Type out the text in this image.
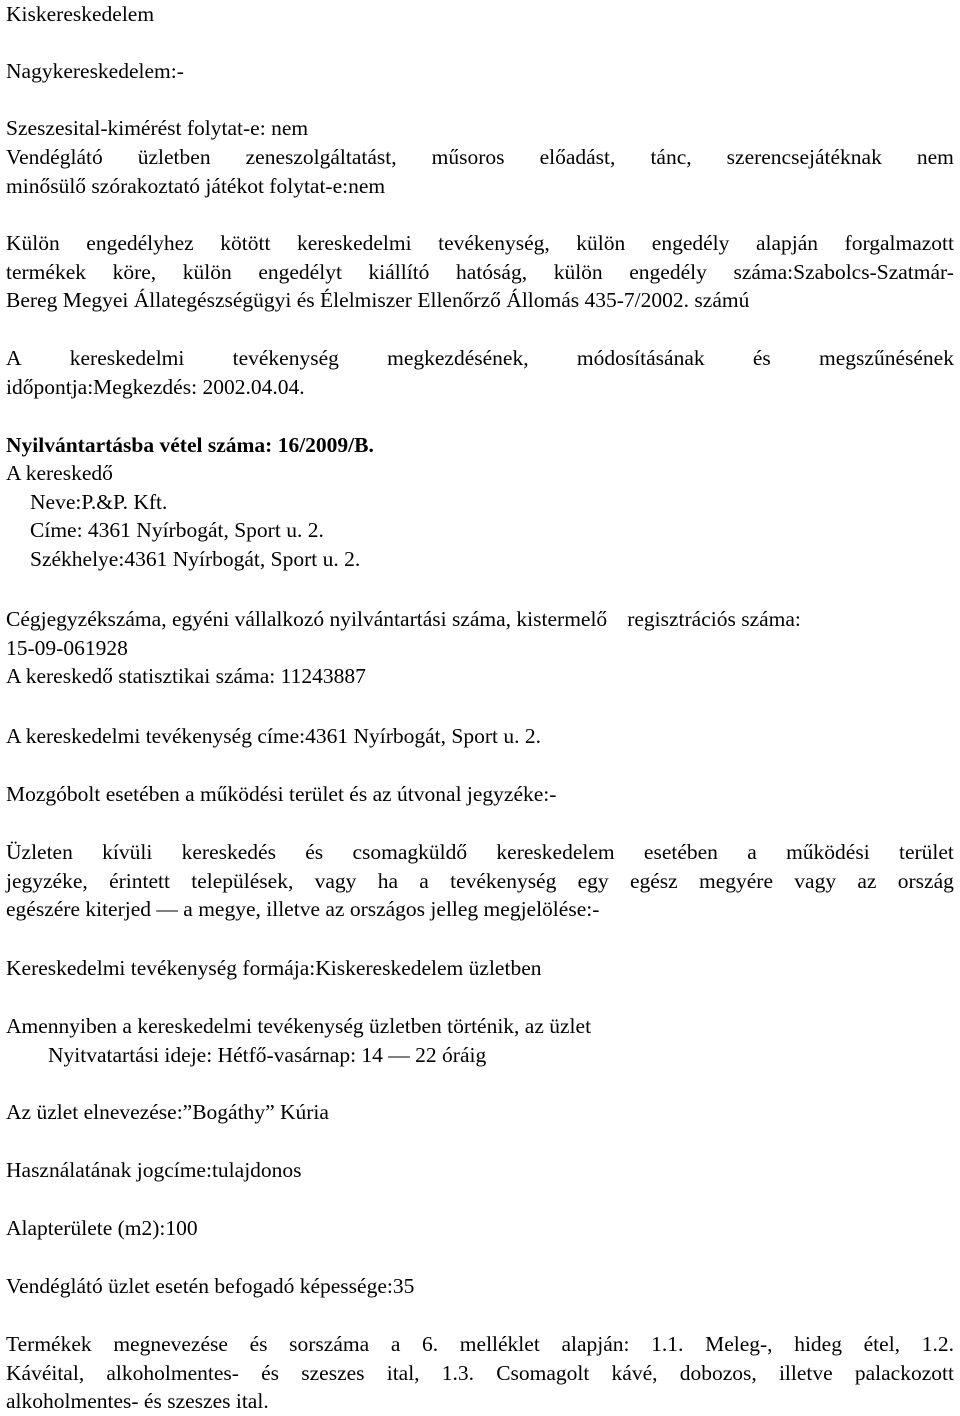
Kiskereskedelem
Nagykereskedelem:-
Szeszesital-kimérést folytat-e: nem
Vendéglátó üzletben zeneszolgáltatást, műsoros előadást, tánc, szerencsejátéknak nem
minősülő szórakoztató játékot folytat-e:nem
Külön engedélyhez kötött kereskedelmi tevékenység, külön engedély alapján forgalmazott
termékek köre, külön engedélyt kiállító hatóság, külön engedély száma:Szabolcs-Szatmár-
Bereg Megyei Állategészségügyi és Élelmiszer Ellenőrző Állomás 435-7/2002. számú
A kereskedelmi tevékenység megkezdésének, módosításának és megszűnésének
időpontja:Megkezdés: 2002.04.04.
Nyilvántartásba vétel száma: 16/2009/B.
A kereskedő
Neve:P.&P. Kft.
Címe: 4361 Nyírbogát, Sport u. 2.
Székhelye:4361 Nyírbogát, Sport u. 2.
Cégjegyzékszáma, egyéni vállalkozó nyilvántartási száma, kistermelő regisztrációs száma:
15-09-061928
A kereskedő statisztikai száma: 11243887
A kereskedelmi tevékenység címe:4361 Nyírbogát, Sport u. 2.
Mozgóbolt esetében a működési terület és az útvonal jegyzéke:-
Üzleten kívüli kereskedés és csomagküldő kereskedelem esetében a működési terület
jegyzéke, érintett települések, vagy ha a tevékenység egy egész megyére vagy az ország
egészére kiterjed — a megye, illetve az országos jelleg megjelölése:-
Kereskedelmi tevékenység formája:Kiskereskedelem üzletben
Amennyiben a kereskedelmi tevékenység üzletben történik, az üzlet
Nyitvatartási ideje: Hétfő-vasárnap: 14 — 22 óráig
Az üzlet elnevezése:”Bogáthy” Kúria
Használatának jogcíme:tulajdonos
Alapterülete (m2):100
Vendéglátó üzlet esetén befogadó képessége:35
Termékek megnevezése és sorszáma a 6. melléklet alapján: 1.1. Meleg-, hideg étel, 1.2.
Kávéital, alkoholmentes- és szeszes ital, 1.3. Csomagolt kávé, dobozos, illetve palackozott
alkoholmentes- és szeszes ital.
